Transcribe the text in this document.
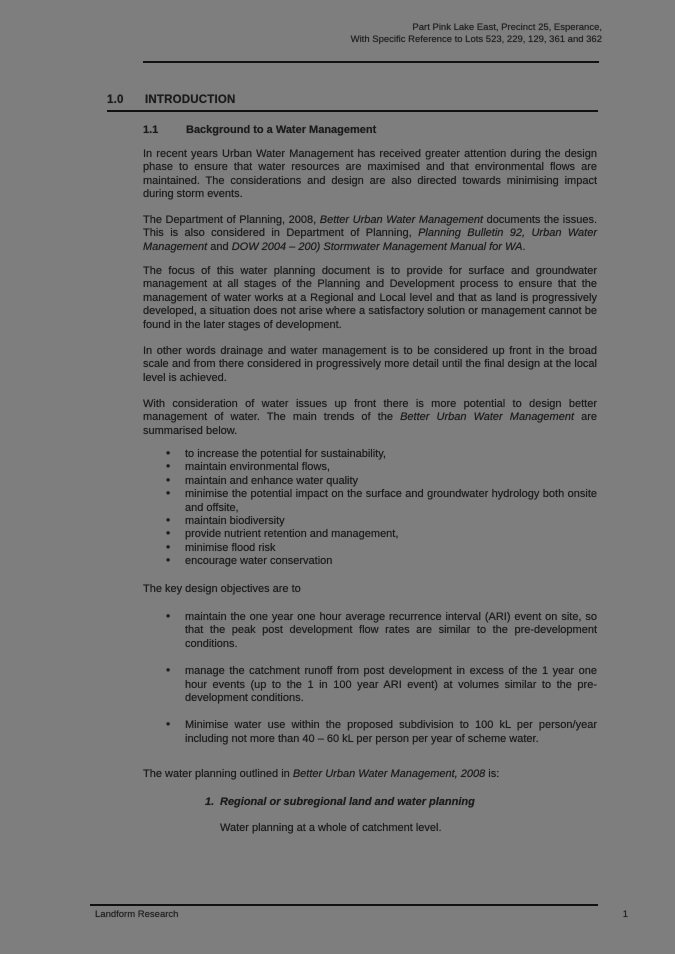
Part Pink Lake East, Precinct 25, Esperance,
With Specific Reference to Lots 523, 229, 129, 361 and 362
1.0 INTRODUCTION
1.1	Background to a Water Management

In recent years Urban Water Management has received greater attention during the design phase to ensure that water resources are maximised and that environmental flows are maintained. The considerations and design are also directed towards minimising impact during storm events.

The Department of Planning, 2008, Better Urban Water Management documents the issues. This is also considered in Department of Planning, Planning Bulletin 92, Urban Water Management and DOW 2004 – 200) Stormwater Management Manual for WA.

The focus of this water planning document is to provide for surface and groundwater management at all stages of the Planning and Development process to ensure that the management of water works at a Regional and Local level and that as land is progressively developed, a situation does not arise where a satisfactory solution or management cannot be found in the later stages of development.

In other words drainage and water management is to be considered up front in the broad scale and from there considered in progressively more detail until the final design at the local level is achieved.

With consideration of water issues up front there is more potential to design better management of water. The main trends of the Better Urban Water Management are summarised below.

• to increase the potential for sustainability,
• maintain environmental flows,
• maintain and enhance water quality
• minimise the potential impact on the surface and groundwater hydrology both onsite and offsite,
• maintain biodiversity
• provide nutrient retention and management,
• minimise flood risk
• encourage water conservation

The key design objectives are to

• maintain the one year one hour average recurrence interval (ARI) event on site, so that the peak post development flow rates are similar to the pre-development conditions.
• manage the catchment runoff from post development in excess of the 1 year one hour events (up to the 1 in 100 year ARI event) at volumes similar to the pre-development conditions.
• Minimise water use within the proposed subdivision to 100 kL per person/year including not more than 40 – 60 kL per person per year of scheme water.

The water planning outlined in Better Urban Water Management, 2008 is:

1. Regional or subregional land and water planning

Water planning at a whole of catchment level.

Landform Research	1
